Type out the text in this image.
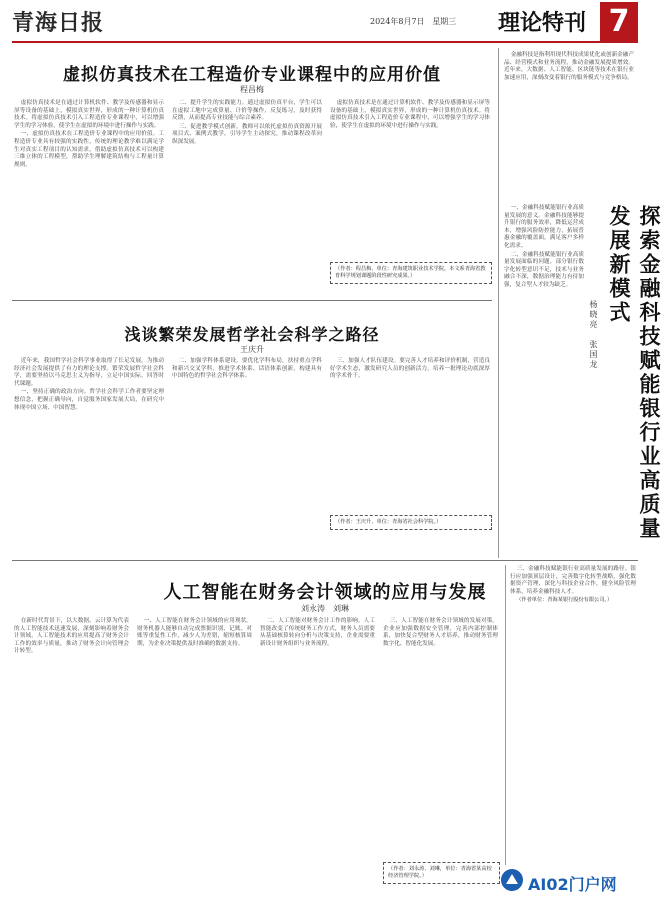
青海日报	2024年8月7日 星期三 理论特刊 7
虚拟仿真技术在工程造价专业课程中的应用价值
程昌梅

虚拟仿真技术是在通过计算机软件、教学及传感器和显示屏等设备的基础上，模拟真实世界，形成的一种计算机仿真技术。将虚拟仿真技术引入工程造价专业课程中，可以增强学生的学习体验，使学生在虚拟的环境中进行操作与实践。

一、虚拟仿真技术在工程造价专业课程中的应用价值。工程造价专业具有较强的实践性，传统的理论教学难以满足学生对真实工程项目的认知需求，借助虚拟仿真技术可以构建三维立体的工程模型，帮助学生理解建筑结构与工程量计算规则。

二、提升学生的实践能力。通过虚拟仿真平台，学生可以在虚拟工地中完成算量、计价等操作，反复练习，及时获得反馈，从而提高专业技能与综合素养。

三、促进教学模式创新。教师可以依托虚拟仿真资源开展项目式、案例式教学，引导学生主动探究，推动课程改革向纵深发展。

虚拟仿真技术是在通过计算机软件、教学及传感器和显示屏等设备的基础上，模拟真实世界，形成的一种计算机仿真技术。将虚拟仿真技术引入工程造价专业课程中，可以增强学生的学习体验，使学生在虚拟的环境中进行操作与实践。

（作者：程昌梅，单位：青海建筑职业技术学院。本文系青海省教育科学规划课题阶段性研究成果。）
浅谈繁荣发展哲学社会科学之路径
王庆升

近年来，我国哲学社会科学事业取得了长足发展，为推动经济社会发展提供了有力的理论支撑。繁荣发展哲学社会科学，需要坚持以马克思主义为指导，立足中国实际，回答时代课题。

一、坚持正确的政治方向。哲学社会科学工作者要坚定理想信念，把握正确导向，自觉服务国家发展大局，在研究中体现中国立场、中国智慧。

二、加强学科体系建设。要优化学科布局，扶持重点学科和新兴交叉学科，推进学术体系、话语体系创新，构建具有中国特色的哲学社会科学体系。

三、加强人才队伍建设。要完善人才培养和评价机制，营造良好学术生态，激发研究人员的创新活力，培养一批理论功底深厚的学术骨干。

（作者：王庆升，单位：青海省社会科学院。）
人工智能在财务会计领域的应用与发展
刘永涛　刘琳

在新时代背景下，以大数据、云计算为代表的人工智能技术迅速发展，深刻影响着财务会计领域。人工智能技术的应用提高了财务会计工作的效率与质量，推动了财务会计向管理会计转型。

一、人工智能在财务会计领域的应用现状。财务机器人能够自动完成票据识别、记账、对账等重复性工作，减少人为差错，缩短核算周期，为企业决策提供及时准确的数据支持。

二、人工智能对财务会计工作的影响。人工智能改变了传统财务工作方式，财务人员需要从基础核算转向分析与决策支持，企业需要重新设计财务组织与业务流程。

三、人工智能在财务会计领域的发展对策。企业应加强数据安全管理，完善内部控制体系，加快复合型财务人才培养，推动财务管理数字化、智能化发展。

（作者：刘永涛、刘琳，单位：青海省某高校经济管理学院。）

金融科技是指利用现代科技成果优化或创新金融产品、经营模式和业务流程，推动金融发展提质增效。近年来，大数据、人工智能、区块链等技术在银行业加速应用，深刻改变着银行的服务模式与竞争格局。

探索金融科技赋能银行业高质量发展新模式
杨晓亮　张国龙

一、金融科技赋能银行业高质量发展的意义。金融科技能够提升银行的服务效率，降低运营成本，增强风险防控能力，拓展普惠金融的覆盖面，满足客户多样化需求。

二、金融科技赋能银行业高质量发展面临的问题。部分银行数字化转型意识不足，技术与业务融合不深，数据治理能力有待加强，复合型人才较为缺乏。

三、金融科技赋能银行业高质量发展的路径。银行应加强顶层设计，完善数字化转型战略，强化数据资产管理，深化与科技企业合作，健全风险管理体系，培养金融科技人才。

（作者单位：青海某银行股份有限公司。）

AI02门户网
